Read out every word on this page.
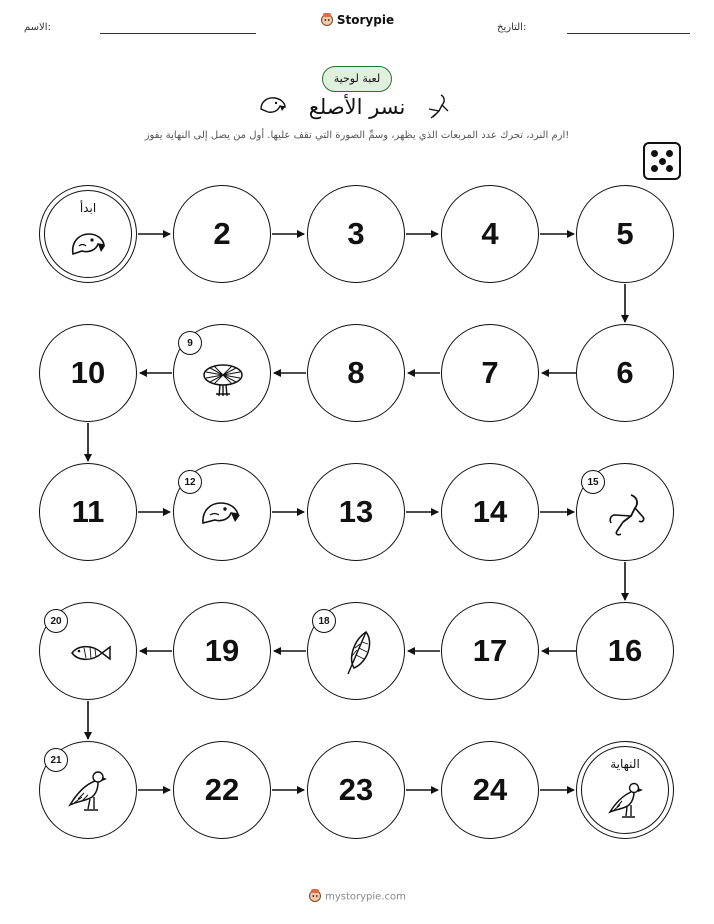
الاسم:	التاريخ:
Storypie
لعبة لوحية
نسر الأصلع
ارم النرد، تحرك عدد المربعات الذي يظهر، وسمِّ الصورة التي تقف عليها. أول من يصل إلى النهاية يفوز!
ابدأ
2	3	4	5
10
9
8	7	6
11
12
13	14
15
20
19
18
17	16
21
22	23	24
النهاية
mystorypie.com
